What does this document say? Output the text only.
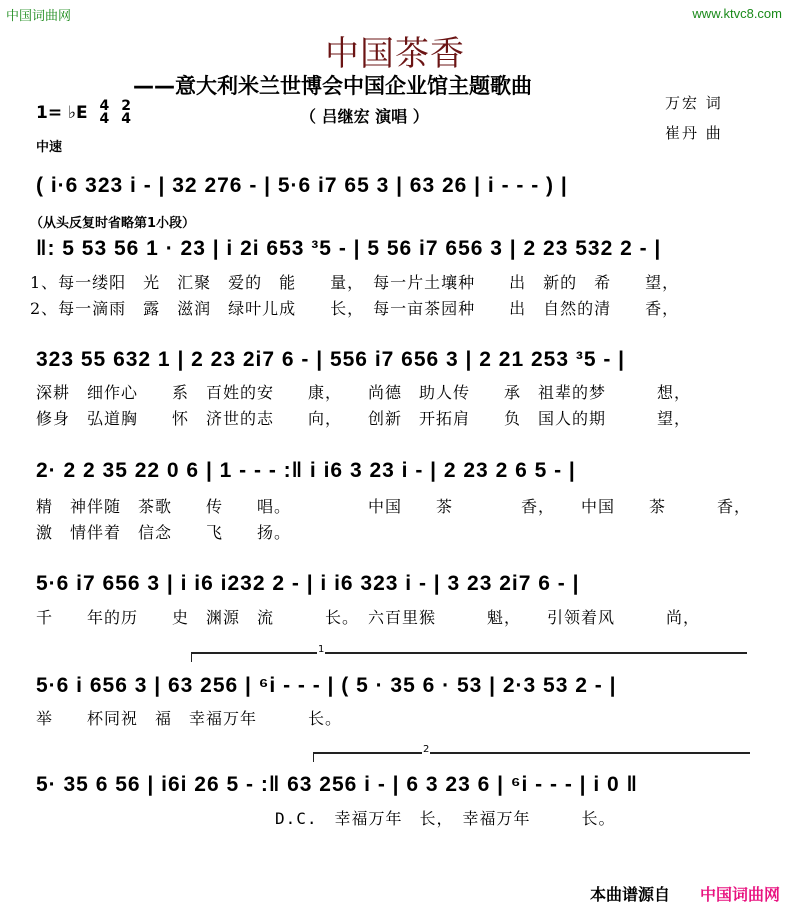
中国词曲网	www.ktvc8.com
中国茶香
——意大利米兰世博会中国企业馆主题歌曲
（ 吕继宏 演唱 ）
万宏 词
崔丹 曲
1= ♭E 4
4

2
4
中速
( i·6 323 i - | 32 276 - | 5·6 i7 65 3 | 63 26 | i - - - ) |
（从头反复时省略第1小段）
‖: 5 53 56 1 · 23 | i 2i 653 ³5 - | 5 56 i7 656 3 | 2 23 532 2 - |
1、每一缕阳　光　汇聚　爱的　能　　量，　每一片土壤种　　出　新的　希　　望，
2、每一滴雨　露　滋润　绿叶儿成　　长，　每一亩茶园种　　出　自然的清　　香，
323 55 632 1 | 2 23 2i7 6 - | 556 i7 656 3 | 2 21 253 ³5 - |
深耕　细作心　　系　百姓的安　　康，　　尚德　助人传　　承　祖辈的梦　　　想，
修身　弘道胸　　怀　济世的志　　向，　　创新　开拓肩　　负　国人的期　　　望，
2· 2 2 35 22 0 6 | 1 - - - :‖ i i6 3 23 i - | 2 23 2 6 5 - |
精　神伴随　茶歌　　传　　唱。　　　　　中国　　茶　　　　香，　　中国　　茶　　　香，
激　情伴着　信念　　飞　　扬。
5·6 i7 656 3 | i i6 i232 2 - | i i6 323 i - | 3 23 2i7 6 - |
千　　年的历　　史　渊源　流　　　长。　六百里猴　　　魁，　　引领着风　　　尚，
1
5·6 i 656 3 | 63 256 | ⁶i - - - | ( 5 · 35 6 · 53 | 2·3 53 2 - |
举　　杯同祝　福　幸福万年　　　长。
2
5· 35 6 56 | i6i 26 5 - :‖ 63 256 i - | 6 3 23 6 | ⁶i - - - | i 0 ‖
D.C.　幸福万年　长，　幸福万年　　　长。
本曲谱源自 中国词曲网
